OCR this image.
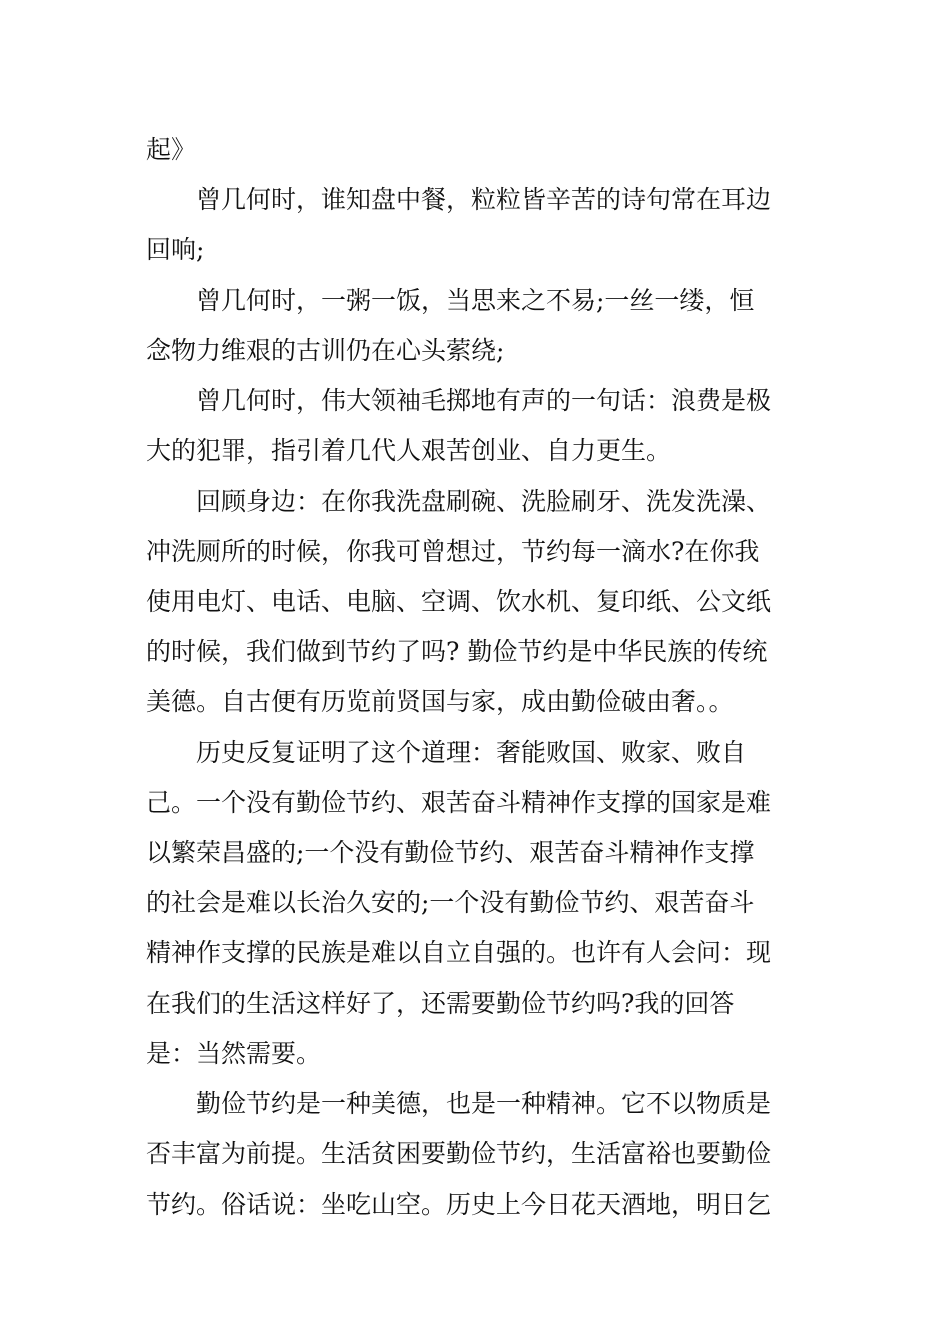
起》
曾几何时，谁知盘中餐，粒粒皆辛苦的诗句常在耳边
回响;
曾几何时，一粥一饭，当思来之不易;一丝一缕，恒
念物力维艰的古训仍在心头萦绕;
曾几何时，伟大领袖毛掷地有声的一句话：浪费是极
大的犯罪，指引着几代人艰苦创业、自力更生。
回顾身边：在你我洗盘刷碗、洗脸刷牙、洗发洗澡、
冲洗厕所的时候，你我可曾想过，节约每一滴水?在你我
使用电灯、电话、电脑、空调、饮水机、复印纸、公文纸
的时候，我们做到节约了吗? 勤俭节约是中华民族的传统
美德。自古便有历览前贤国与家，成由勤俭破由奢。。
历史反复证明了这个道理：奢能败国、败家、败自
己。一个没有勤俭节约、艰苦奋斗精神作支撑的国家是难
以繁荣昌盛的;一个没有勤俭节约、艰苦奋斗精神作支撑
的社会是难以长治久安的;一个没有勤俭节约、艰苦奋斗
精神作支撑的民族是难以自立自强的。也许有人会问：现
在我们的生活这样好了，还需要勤俭节约吗?我的回答
是：当然需要。
勤俭节约是一种美德，也是一种精神。它不以物质是
否丰富为前提。生活贫困要勤俭节约，生活富裕也要勤俭
节约。俗话说：坐吃山空。历史上今日花天酒地，明日乞
